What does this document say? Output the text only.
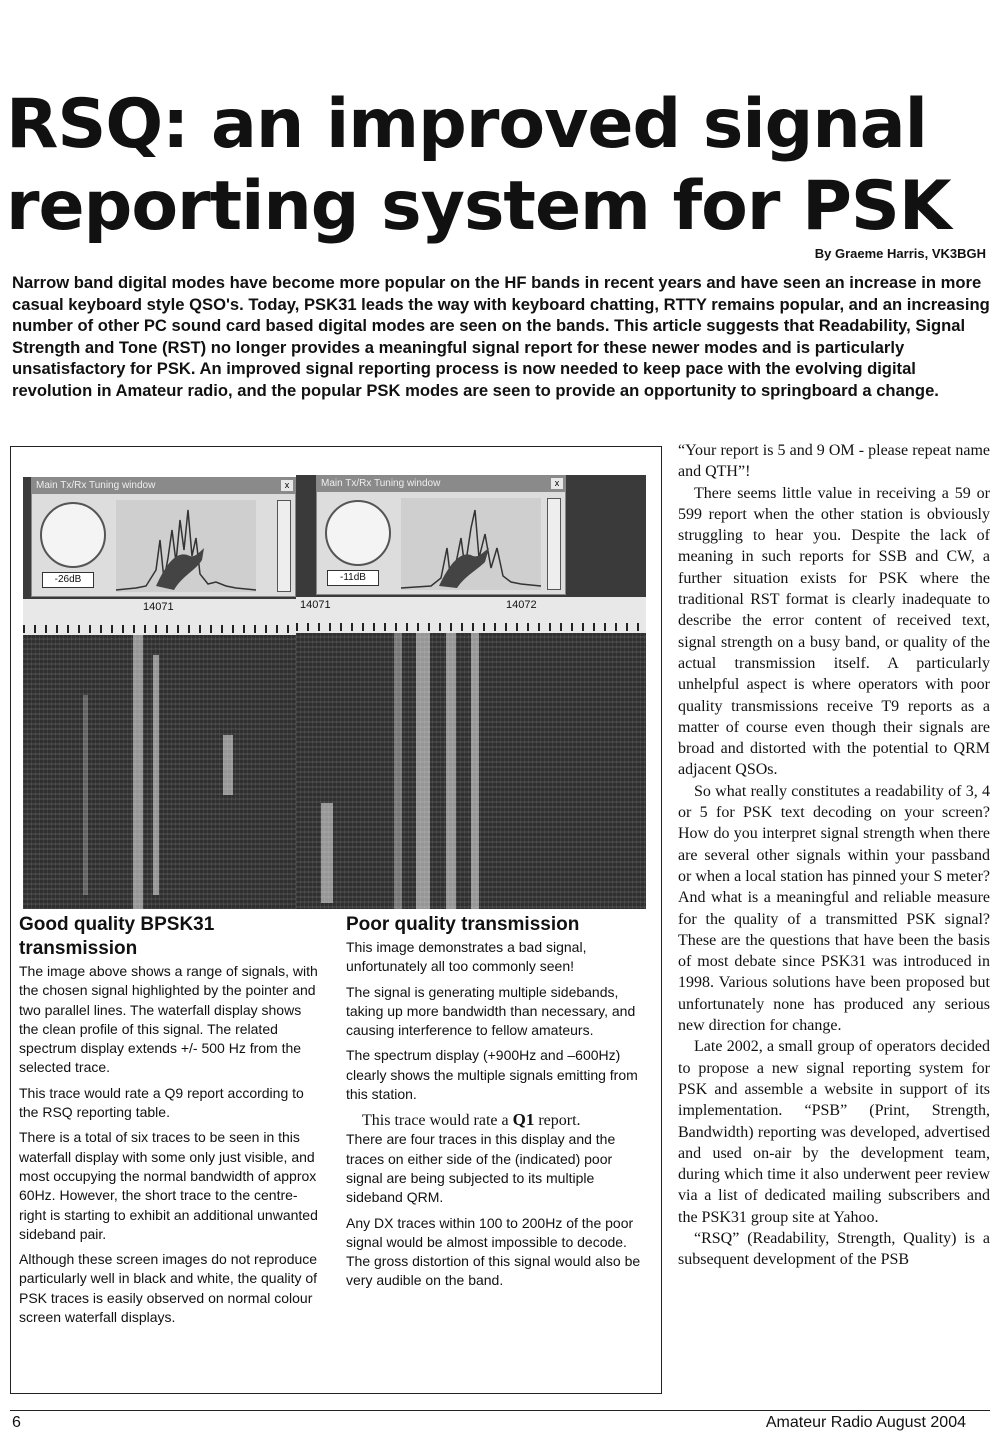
RSQ: an improved signal reporting system for PSK
By Graeme Harris, VK3BGH

Narrow band digital modes have become more popular on the HF bands in recent years and have seen an increase in more casual keyboard style QSO's. Today, PSK31 leads the way with keyboard chatting, RTTY remains popular, and an increasing number of other PC sound card based digital modes are seen on the bands. This article suggests that Readability, Signal Strength and Tone (RST) no longer provides a meaningful signal report for these newer modes and is particularly unsatisfactory for PSK. An improved signal reporting process is now needed to keep pace with the evolving digital revolution in Amateur radio, and the popular PSK modes are seen to provide an opportunity to springboard a change.

Main Tx/Rx Tuning window	x
-26dB
14071
Main Tx/Rx Tuning window	x
-11dB
14071	14072
Good quality BPSK31 transmission

The image above shows a range of signals, with the chosen signal highlighted by the pointer and two parallel lines. The waterfall display shows the clean profile of this signal. The related spectrum display extends +/- 500 Hz from the selected trace.

This trace would rate a Q9 report according to the RSQ reporting table.

There is a total of six traces to be seen in this waterfall display with some only just visible, and most occupying the normal bandwidth of approx 60Hz. However, the short trace to the centre-right is starting to exhibit an additional unwanted sideband pair.

Although these screen images do not reproduce particularly well in black and white, the quality of PSK traces is easily observed on normal colour screen waterfall displays.

Poor quality transmission

This image demonstrates a bad signal, unfortunately all too commonly seen!

The signal is generating multiple sidebands, taking up more bandwidth than necessary, and causing interference to fellow amateurs.

The spectrum display (+900Hz and –600Hz) clearly shows the multiple signals emitting from this station.

This trace would rate a Q1 report.

There are four traces in this display and the traces on either side of the (indicated) poor signal are being subjected to its multiple sideband QRM.

Any DX traces within 100 to 200Hz of the poor signal would be almost impossible to decode. The gross distortion of this signal would also be very audible on the band.

“Your report is 5 and 9 OM - please repeat name and QTH”!

There seems little value in receiving a 59 or 599 report when the other station is obviously struggling to hear you. Despite the lack of meaning in such reports for SSB and CW, a further situation exists for PSK where the traditional RST format is clearly inadequate to describe the error content of received text, signal strength on a busy band, or quality of the actual transmission itself. A particularly unhelpful aspect is where operators with poor quality transmissions receive T9 reports as a matter of course even though their signals are broad and distorted with the potential to QRM adjacent QSOs.

So what really constitutes a readability of 3, 4 or 5 for PSK text decoding on your screen? How do you interpret signal strength when there are several other signals within your passband or when a local station has pinned your S meter? And what is a meaningful and reliable measure for the quality of a transmitted PSK signal? These are the questions that have been the basis of most debate since PSK31 was introduced in 1998. Various solutions have been proposed but unfortunately none has produced any serious new direction for change.

Late 2002, a small group of operators decided to propose a new signal reporting system for PSK and assemble a website in support of its implementation. “PSB” (Print, Strength, Bandwidth) reporting was developed, advertised and used on-air by the development team, during which time it also underwent peer review via a list of dedicated mailing subscribers and the PSK31 group site at Yahoo.

“RSQ” (Readability, Strength, Quality) is a subsequent development of the PSB

6	Amateur Radio August 2004
